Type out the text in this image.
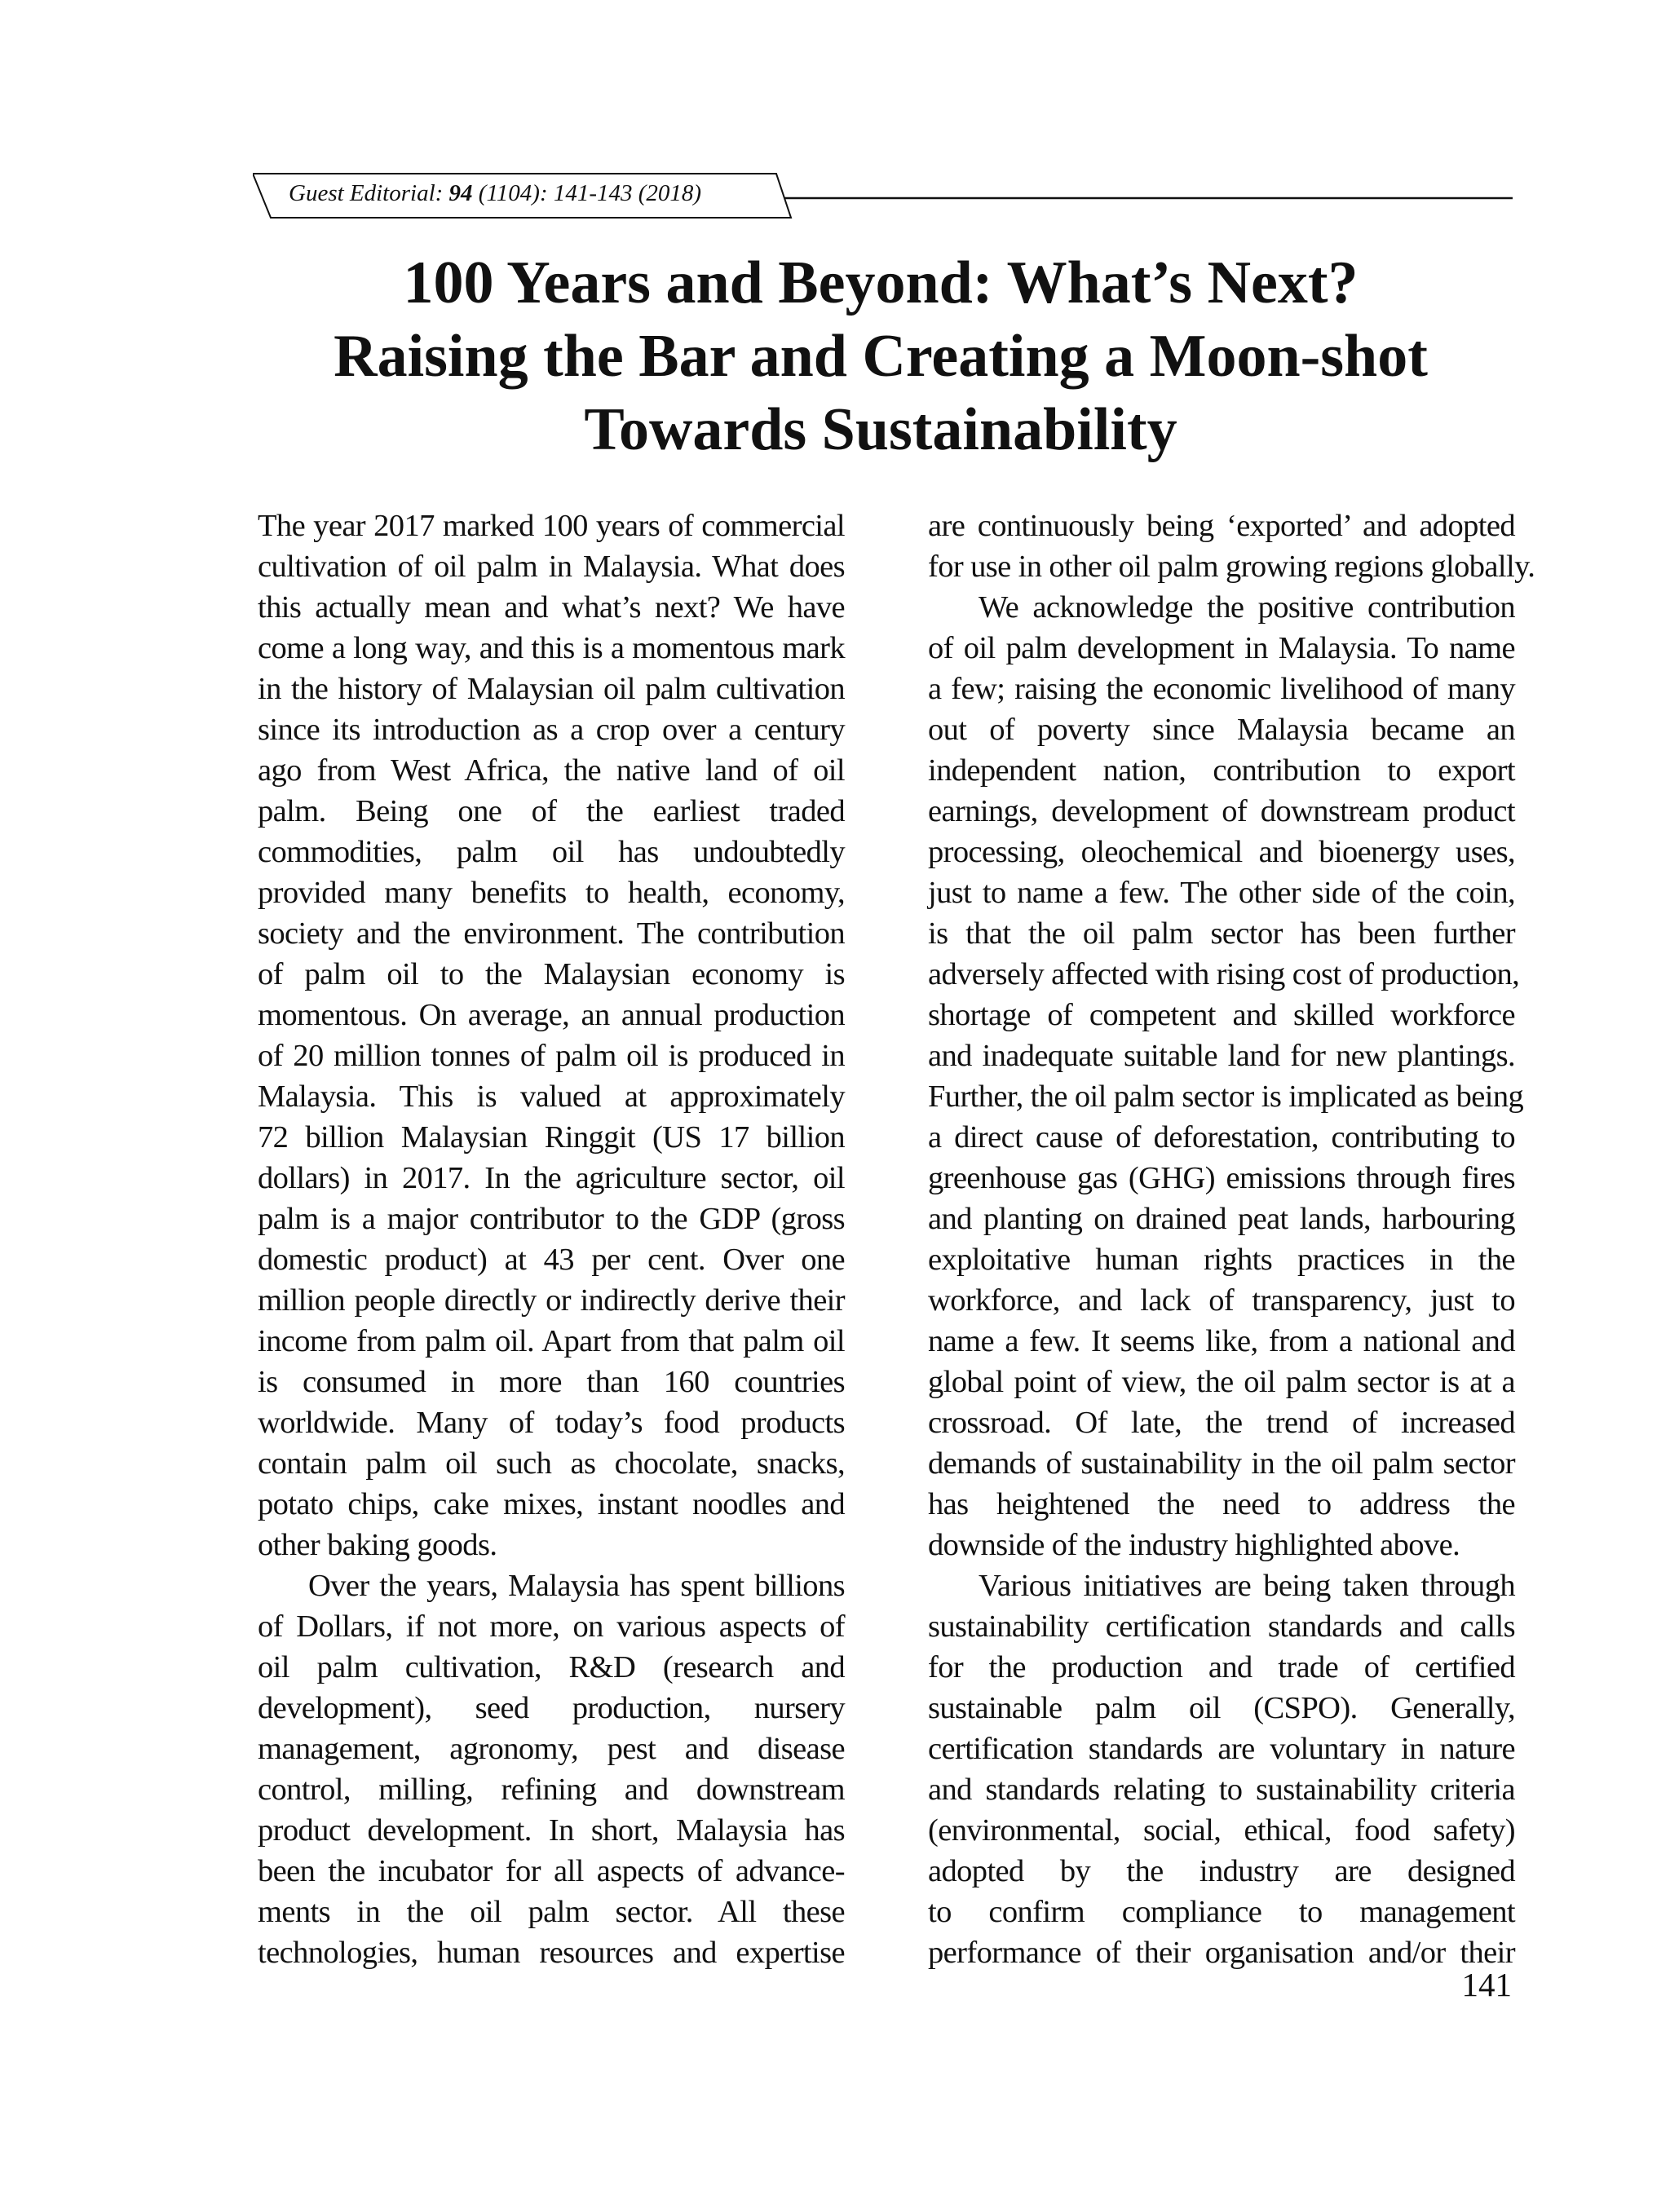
Guest Editorial: 94 (1104): 141-143 (2018)
100 Years and Beyond: What’s Next?
Raising the Bar and Creating a Moon-shot
Towards Sustainability
The year 2017 marked 100 years of commercial
cultivation of oil palm in Malaysia. What does
this actually mean and what’s next? We have
come a long way, and this is a momentous mark
in the history of Malaysian oil palm cultivation
since its introduction as a crop over a century
ago from West Africa, the native land of oil
palm. Being one of the earliest traded
commodities, palm oil has undoubtedly
provided many benefits to health, economy,
society and the environment. The contribution
of palm oil to the Malaysian economy is
momentous. On average, an annual production
of 20 million tonnes of palm oil is produced in
Malaysia. This is valued at approximately
72 billion Malaysian Ringgit (US 17 billion
dollars) in 2017. In the agriculture sector, oil
palm is a major contributor to the GDP (gross
domestic product) at 43 per cent. Over one
million people directly or indirectly derive their
income from palm oil. Apart from that palm oil
is consumed in more than 160 countries
worldwide. Many of today’s food products
contain palm oil such as chocolate, snacks,
potato chips, cake mixes, instant noodles and
other baking goods.
Over the years, Malaysia has spent billions
of Dollars, if not more, on various aspects of
oil palm cultivation, R&D (research and
development), seed production, nursery
management, agronomy, pest and disease
control, milling, refining and downstream
product development. In short, Malaysia has
been the incubator for all aspects of advance-
ments in the oil palm sector. All these
technologies, human resources and expertise
are continuously being ‘exported’ and adopted
for use in other oil palm growing regions globally.
We acknowledge the positive contribution
of oil palm development in Malaysia. To name
a few; raising the economic livelihood of many
out of poverty since Malaysia became an
independent nation, contribution to export
earnings, development of downstream product
processing, oleochemical and bioenergy uses,
just to name a few. The other side of the coin,
is that the oil palm sector has been further
adversely affected with rising cost of production,
shortage of competent and skilled workforce
and inadequate suitable land for new plantings.
Further, the oil palm sector is implicated as being
a direct cause of deforestation, contributing to
greenhouse gas (GHG) emissions through fires
and planting on drained peat lands, harbouring
exploitative human rights practices in the
workforce, and lack of transparency, just to
name a few. It seems like, from a national and
global point of view, the oil palm sector is at a
crossroad. Of late, the trend of increased
demands of sustainability in the oil palm sector
has heightened the need to address the
downside of the industry highlighted above.
Various initiatives are being taken through
sustainability certification standards and calls
for the production and trade of certified
sustainable palm oil (CSPO). Generally,
certification standards are voluntary in nature
and standards relating to sustainability criteria
(environmental, social, ethical, food safety)
adopted by the industry are designed
to confirm compliance to management
performance of their organisation and/or their
141
